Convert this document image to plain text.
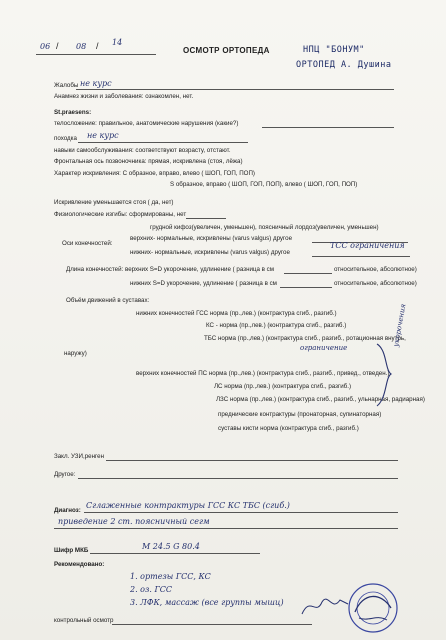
06 / 08 / 14
ОСМОТР ОРТОПЕДА	НПЦ "БОНУМ"
ОРТОПЕД А. Душина
Жалобы не курс
Анамнез жизни и заболевания: ознакомлен, нет.
St.praesens:
телосложение: правильное, анатомические нарушения (какие?)
походка не курс
навыки самообслуживания: соответствуют возрасту, отстают.
Фронтальная ось позвоночника: прямая, искривлена (стоя, лёжа)
Характер искривления: С образное, вправо, влево ( ШОП, ГОП, ПОП)
S образное, вправо ( ШОП, ГОП, ПОП), влево ( ШОП, ГОП, ПОП)
Искривление уменьшается стоя ( да, нет)
Физиологические изгибы: сформированы, нет
грудной кифоз(увеличен, уменьшен), поясничный лордоз(увеличен, уменьшен)
Оси конечностей:
верхних- нормальные, искривлены (varus valgus) другое
нижних- нормальные, искривлены (varus valgus) другое
ТСС ограничения
Длина конечностей: верхних S=D укорочение, удлинение ( разница в см	относительное, абсолютное)
нижних S=D укорочение, удлинение ( разница в см	относительное, абсолютное)
Объём движений в суставах:
нижних конечностей ГСС норма (пр.,лев.) (контрактура сгиб., разгиб.)
КС - норма (пр.,лев.) (контрактура сгиб., разгиб.)
ТБС норма (пр.,лев.) (контрактура сгиб., разгиб., ротационная внутрь,
наружу)
ограничение
верхних конечностей ПС норма (пр.,лев.) (контрактура сгиб., разгиб., привед., отведен.)
ЛС норма (пр.,лев.) (контрактура сгиб., разгиб.)
ЛЗС норма (пр.,лев.) (контрактура сгиб., разгиб., ульнарная, радиарная)
преднические контрактуры (пронаторная, супинаторная)
суставы кисти норма (контрактура сгиб., разгиб.)
укорочения
Закл. УЗИ,ренген
Другое:
Диагноз:
Сглаженные контрактуры ГСС КС ТБС (сгиб.)
приведение 2 ст. поясничный сегм
Шифр МКБ	М 24.5 G 80.4
Рекомендовано:
1. ортезы ГСС, КС
2. оз. ГСС
3. ЛФК, массаж (все группы мышц)
контрольный осмотр
